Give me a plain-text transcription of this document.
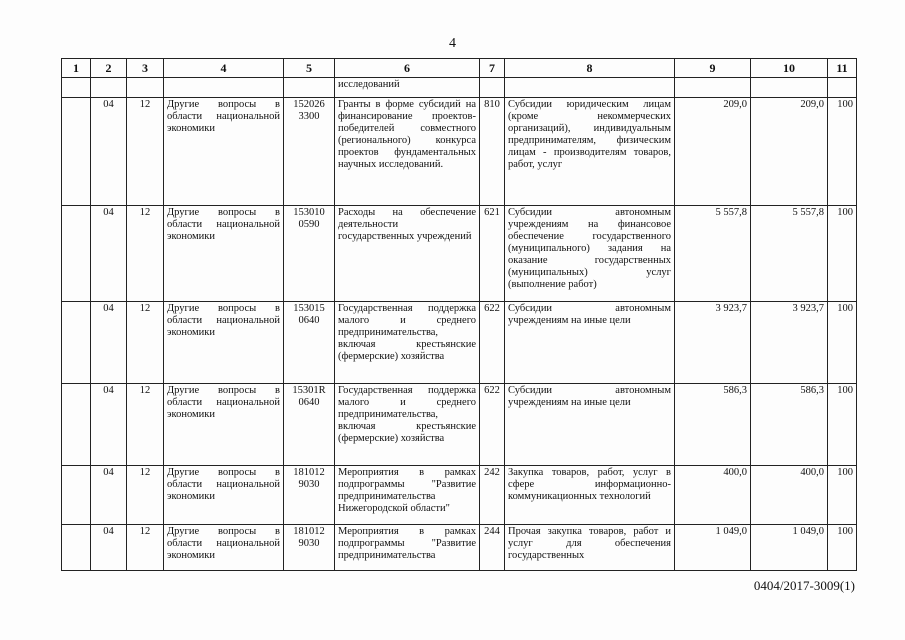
4
1	2	3	4	5	6	7	8	9	10	11
					исследований					
	04	12	Другие вопросы в области национальной экономики	152026 3300	Гранты в форме субсидий на финансирование проектов-победителей совместного (регионального) конкурса проектов фундаментальных научных исследований.	810	Субсидии юридическим лицам (кроме некоммерческих организаций), индивидуальным предпринимателям, физическим лицам - производителям товаров, работ, услуг	209,0	209,0	100
	04	12	Другие вопросы в области национальной экономики	153010 0590	Расходы на обеспечение деятельности государственных учреждений	621	Субсидии автономным учреждениям на финансовое обеспечение государственного (муниципального) задания на оказание государственных (муниципальных) услуг (выполнение работ)	5 557,8	5 557,8	100
	04	12	Другие вопросы в области национальной экономики	153015 0640	Государственная поддержка малого и среднего предпринимательства, включая крестьянские (фермерские) хозяйства	622	Субсидии автономным учреждениям на иные цели	3 923,7	3 923,7	100
	04	12	Другие вопросы в области национальной экономики	15301R 0640	Государственная поддержка малого и среднего предпринимательства, включая крестьянские (фермерские) хозяйства	622	Субсидии автономным учреждениям на иные цели	586,3	586,3	100
	04	12	Другие вопросы в области национальной экономики	181012 9030	Мероприятия в рамках подпрограммы "Развитие предпринимательства Нижегородской области"	242	Закупка товаров, работ, услуг в сфере информационно-коммуникационных технологий	400,0	400,0	100
	04	12	Другие вопросы в области национальной экономики	181012 9030	Мероприятия в рамках подпрограммы "Развитие предпринимательства	244	Прочая закупка товаров, работ и услуг для обеспечения государственных	1 049,0	1 049,0	100
0404/2017-3009(1)
